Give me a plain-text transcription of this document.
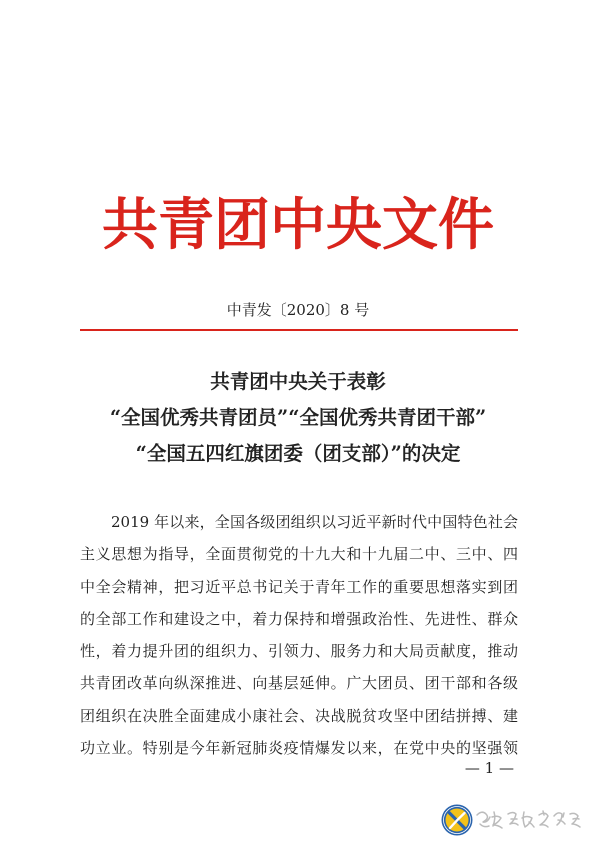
共青团中央文件
中青发〔2020〕8 号
共青团中央关于表彰
“全国优秀共青团员”“全国优秀共青团干部”
“全国五四红旗团委（团支部）”的决定
2019 年以来，全国各级团组织以习近平新时代中国特色社会
主义思想为指导，全面贯彻党的十九大和十九届二中、三中、四
中全会精神，把习近平总书记关于青年工作的重要思想落实到团
的全部工作和建设之中，着力保持和增强政治性、先进性、群众
性，着力提升团的组织力、引领力、服务力和大局贡献度，推动
共青团改革向纵深推进、向基层延伸。广大团员、团干部和各级
团组织在决胜全面建成小康社会、决战脱贫攻坚中团结拼搏、建
功立业。特别是今年新冠肺炎疫情爆发以来，在党中央的坚强领
— 1 —
